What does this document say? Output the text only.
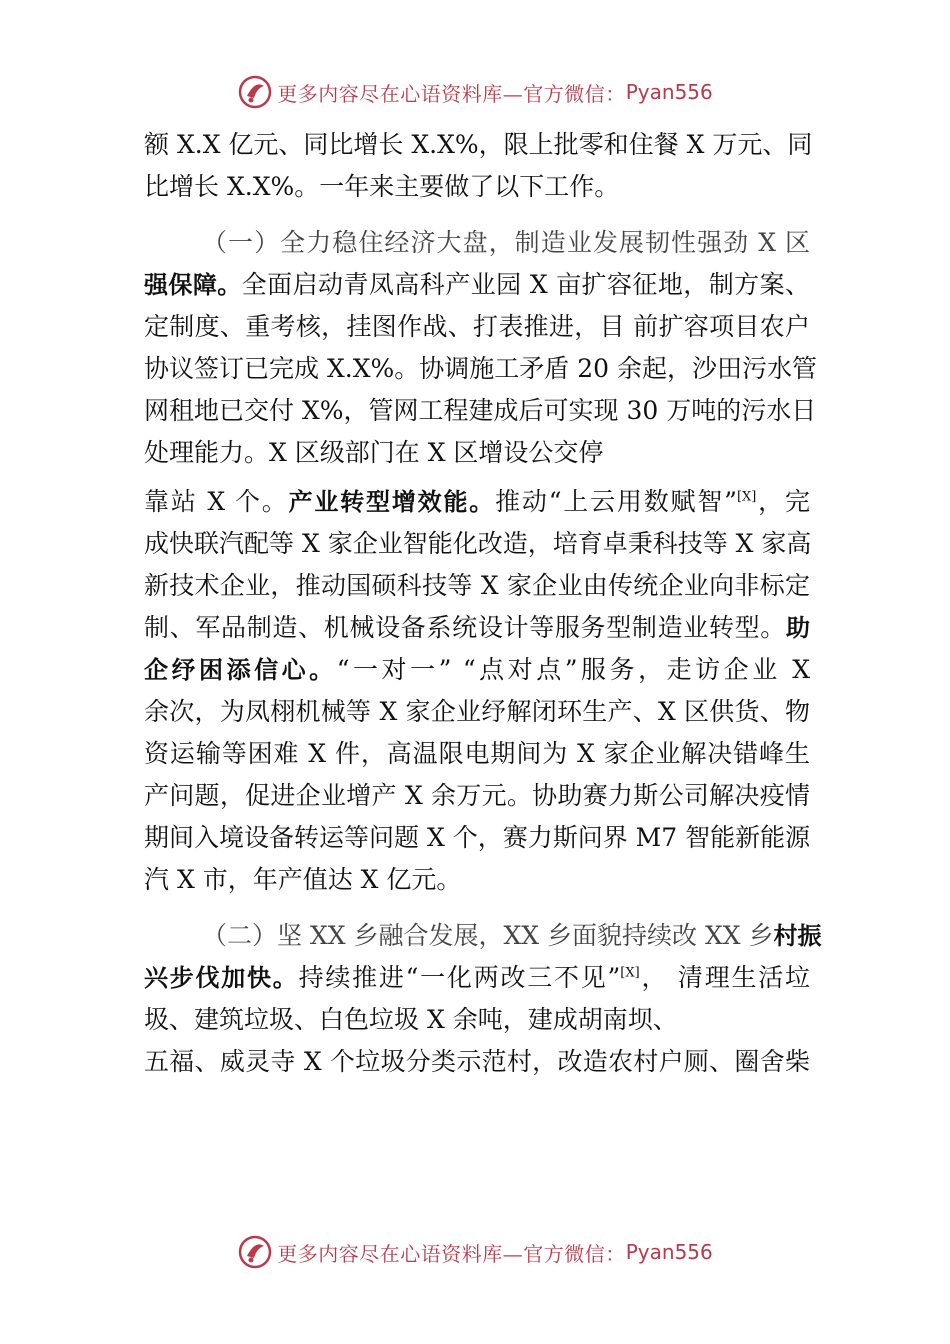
更多内容尽在心语资料库—官方微信： Pyan556
额 X.X 亿元、同比增长 X.X%，限上批零和住餐 X 万元、同
比增长 X.X%。一年来主要做了以下工作。
（一）全力稳住经济大盘，制造业发展韧性强劲 X 区
强保障。全面启动青凤高科产业园 X 亩扩容征地，制方案、
定制度、重考核，挂图作战、打表推进，目 前扩容项目农户
协议签订已完成 X.X%。协调施工矛盾 20 余起，沙田污水管
网租地已交付 X%，管网工程建成后可实现 30 万吨的污水日
处理能力。X 区级部门在 X 区增设公交停
靠站 X 个。产业转型增效能。推动“上云用数赋智”[X]，完
成快联汽配等 X 家企业智能化改造，培育卓秉科技等 X 家高
新技术企业，推动国硕科技等 X 家企业由传统企业向非标定
制、军品制造、机械设备系统设计等服务型制造业转型。助
企纾困添信心。“一对一” “点对点”服务，走访企业 X
余次，为凤栩机械等 X 家企业纾解闭环生产、X 区供货、物
资运输等困难 X 件，高温限电期间为 X 家企业解决错峰生
产问题，促进企业增产 X 余万元。协助赛力斯公司解决疫情
期间入境设备转运等问题 X 个，赛力斯问界 M7 智能新能源
汽 X 市，年产值达 X 亿元。
（二）坚 XX 乡融合发展，XX 乡面貌持续改 XX 乡村振
兴步伐加快。持续推进“一化两改三不见”[X]， 清理生活垃
圾、建筑垃圾、白色垃圾 X 余吨，建成胡南坝、
五福、威灵寺 X 个垃圾分类示范村，改造农村户厕、圈舍柴
更多内容尽在心语资料库—官方微信： Pyan556
